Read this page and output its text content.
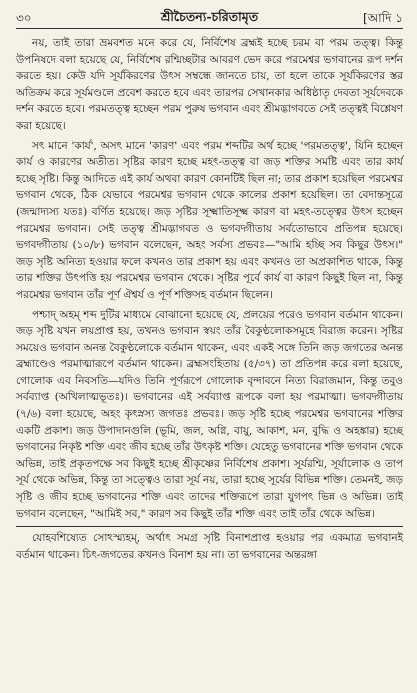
৩০	শ্রীচৈতন্য-চরিতামৃত	[আদি ১

নয়, তাই তারা ভ্রমবশত মনে করে যে, নির্বিশেষ ব্রহ্মই হচ্ছে চরম বা পরম তত্ত্ব। কিন্তু উপনিষদে বলা হয়েছে যে, নির্বিশেষ রশ্মিচ্ছটার আবরণ ভেদ করে পরমেশ্বর ভগবানের রূপ দর্শন করতে হয়। কেউ যদি সূর্যকিরণের উৎস সম্বন্ধে জানতে চায়, তা হলে তাকে সূর্যকিরণের স্তর অতিক্রম করে সূর্যমণ্ডলে প্রবেশ করতে হবে এবং তারপর সেখানকার অধিষ্ঠাতৃ দেবতা সূর্যদেবকে দর্শন করতে হবে। পরমতত্ত্ব হচ্ছেন পরম পুরুষ ভগবান এবং শ্রীমদ্ভাগবতে সেই তত্ত্বই বিশ্লেষণ করা হয়েছে।

সৎ মানে 'কার্য', অসৎ মানে 'কারণ' এবং পরম শব্দটির অর্থ হচ্ছে 'পরমতত্ত্ব', যিনি হচ্ছেন কার্য ও কারণের অতীত। সৃষ্টির কারণ হচ্ছে মহৎ-তত্ত্ব বা জড় শক্তির সমষ্টি এবং তার কার্য হচ্ছে সৃষ্টি। কিন্তু আদিতে এই কার্য অথবা কারণ কোনটিই ছিল না; তার প্রকাশ হয়েছিল পরমেশ্বর ভগবান থেকে, ঠিক যেভাবে পরমেশ্বর ভগবান থেকে কালের প্রকাশ হয়েছিল। তা বেদান্তসূত্রে (জন্মাদ্যস্য যতঃ) বর্ণিত হয়েছে। জড় সৃষ্টির সূক্ষ্মাতিসূক্ষ্ম কারণ বা মহৎ-তত্ত্বের উৎস হচ্ছেন পরমেশ্বর ভগবান। সেই তত্ত্ব শ্রীমদ্ভাগবত ও ভগবদ্গীতায় সর্বতোভাবে প্রতিপন্ন হয়েছে। ভগবদ্গীতায় (১০/৮) ভগবান বলেছেন, অহং সর্বস্য প্রভবঃ—"আমি হচ্ছি সব কিছুর উৎস।" জড় সৃষ্টি অনিত্য হওয়ার ফলে কখনও তার প্রকাশ হয় এবং কখনও তা অপ্রকাশিত থাকে, কিন্তু তার শক্তির উৎপত্তি হয় পরমেশ্বর ভগবান থেকে। সৃষ্টির পূর্বে কার্য বা কারণ কিছুই ছিল না, কিন্তু পরমেশ্বর ভগবান তাঁর পূর্ণ ঐশ্বর্য ও পূর্ণ শক্তিসহ বর্তমান ছিলেন।

পশ্চাদ্ অহম্ শব্দ দুটির মাধ্যমে বোঝানো হয়েছে যে, প্রলয়ের পরেও ভগবান বর্তমান থাকেন। জড় সৃষ্টি যখন লয়প্রাপ্ত হয়, তখনও ভগবান স্বয়ং তাঁর বৈকুণ্ঠলোকসমূহে বিরাজ করেন। সৃষ্টির সময়েও ভগবান অনন্ত বৈকুণ্ঠলোকে বর্তমান থাকেন, এবং একই সঙ্গে তিনি জড় জগতের অনন্ত ব্রহ্মাণ্ডেও পরমাত্মারূপে বর্তমান থাকেন। ব্রহ্মসংহিতায় (৫/৩৭) তা প্রতিপন্ন করে বলা হয়েছে, গোলোক এব নিবসতি—যদিও তিনি পূর্ণরূপে গোলোক বৃন্দাবনে নিত্য বিরাজমান, কিন্তু তবুও সর্বব্যাপ্ত (অখিলাত্মভূতঃ)। ভগবানের এই সর্বব্যাপ্ত রূপকে বলা হয় পরমাত্মা। ভগবদ্গীতায় (৭/৬) বলা হয়েছে, অহং কৃৎস্নস্য জগতঃ প্রভবঃ। জড় সৃষ্টি হচ্ছে পরমেশ্বর ভগবানের শক্তির একটি প্রকাশ। জড় উপাদানগুলি (ভূমি, জল, অগ্নি, বায়ু, আকাশ, মন, বুদ্ধি ও অহঙ্কার) হচ্ছে ভগবানের নিকৃষ্ট শক্তি এবং জীব হচ্ছে তাঁর উৎকৃষ্ট শক্তি। যেহেতু ভগবানের শক্তি ভগবান থেকে অভিন্ন, তাই প্রকৃতপক্ষে সব কিছুই হচ্ছে শ্রীকৃষ্ণের নির্বিশেষ প্রকাশ। সূর্যরশ্মি, সূর্যালোক ও তাপ সূর্য থেকে অভিন্ন, কিন্তু তা সত্ত্বেও তারা সূর্য নয়, তারা হচ্ছে সূর্যের বিভিন্ন শক্তি। তেমনই, জড় সৃষ্টি ও জীব হচ্ছে ভগবানের শক্তি এবং তাদের শক্তিরূপে তারা যুগপৎ ভিন্ন ও অভিন্ন। তাই ভগবান বলেছেন, "আমিই সব," কারণ সব কিছুই তাঁর শক্তি এবং তাই তাঁর থেকে অভিন্ন।

যোহবশিষ্যেত সোঽস্ম্যহম্, অর্থাৎ সমগ্র সৃষ্টি বিনাশপ্রাপ্ত হওয়ার পর একমাত্র ভগবানই বর্তমান থাকেন। চিৎ-জগতের কখনও বিনাশ হয় না। তা ভগবানের অন্তরঙ্গা
